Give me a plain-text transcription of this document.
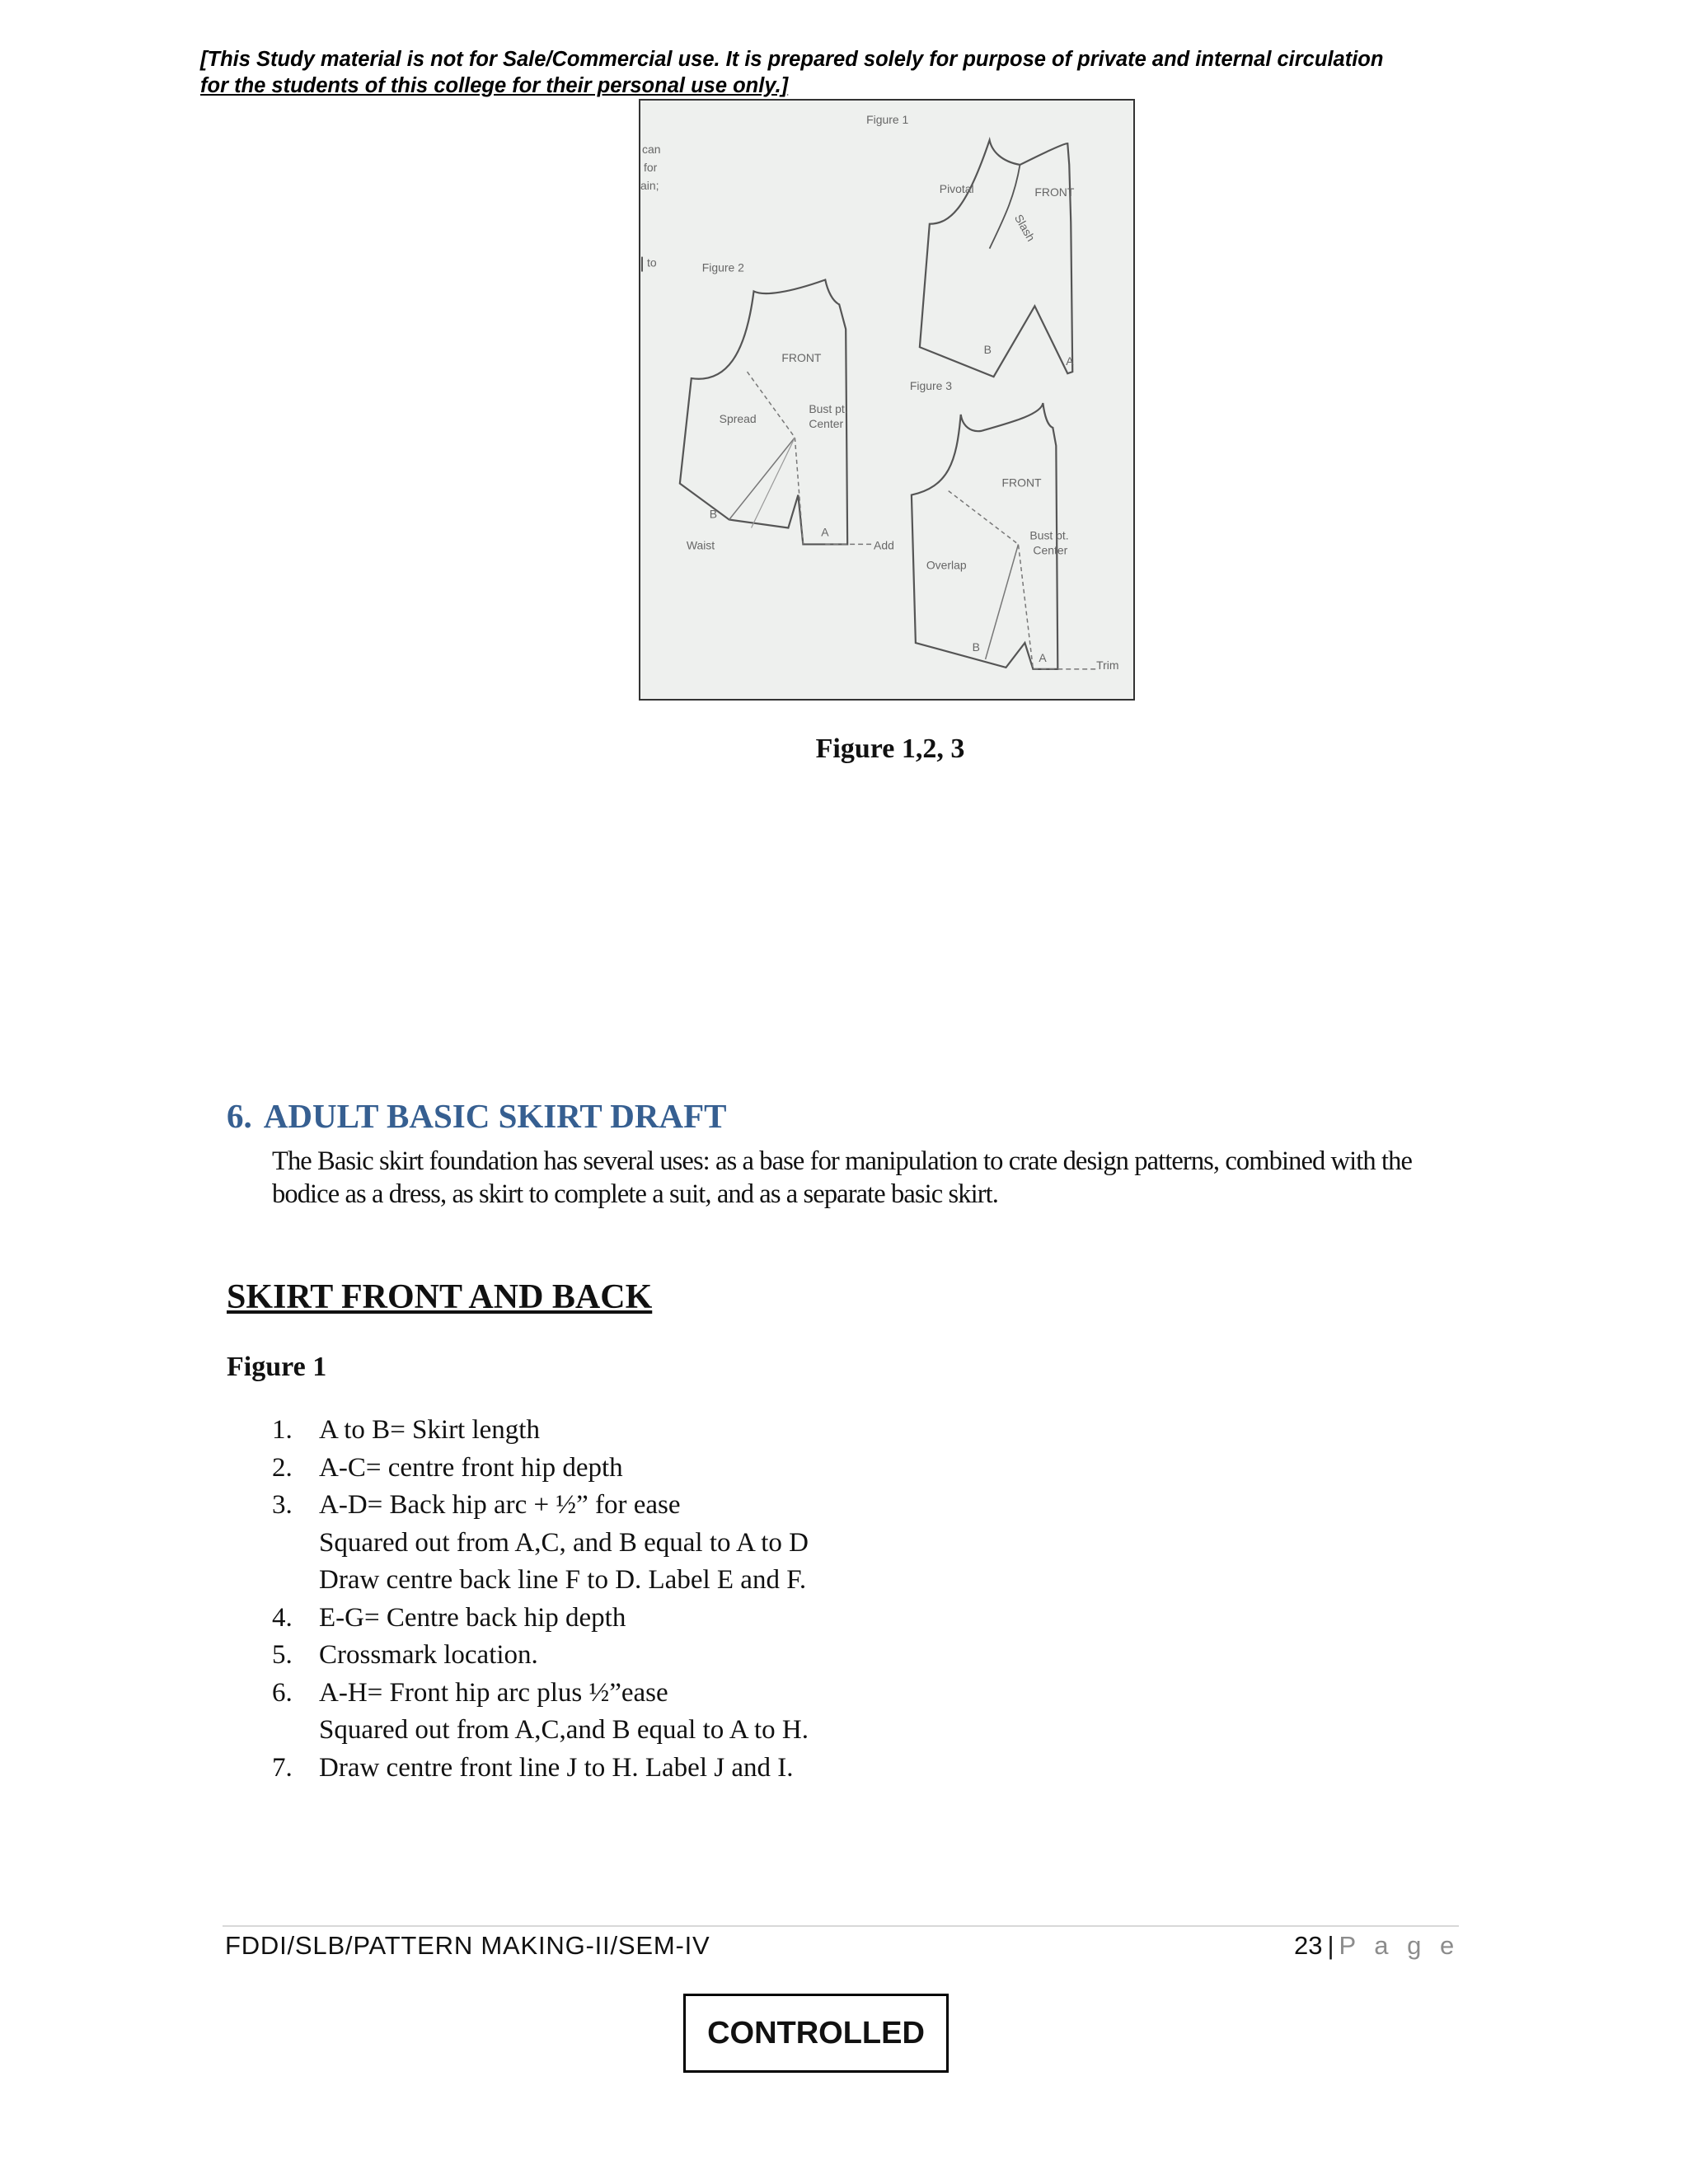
[This Study material is not for Sale/Commercial use. It is prepared solely for purpose of private and internal circulation
for the students of this college for their personal use only.]
can
for
ain;
to
Figure 1
Pivotal	FRONT
Slash
B
A
Figure 2
FRONT
Spread
Bust pt.
Center
Waist
B
A
Add
Figure 3
FRONT
Bust pt.
Center
Overlap
B
A
Trim
Figure 1,2, 3
6. ADULT BASIC SKIRT DRAFT
The Basic skirt foundation has several uses: as a base for manipulation to crate design patterns, combined with the bodice as a dress, as skirt to complete a suit, and as a separate basic skirt.
SKIRT FRONT AND BACK
Figure 1
1. A to B= Skirt length
2. A-C= centre front hip depth
3. A-D= Back hip arc + ½” for ease
Squared out from A,C, and B equal to A to D
Draw centre back line F to D. Label E and F.
4. E-G= Centre back hip depth
5. Crossmark location.
6. A-H= Front hip arc plus ½”ease
Squared out from A,C,and B equal to A to H.
7. Draw centre front line J to H. Label J and I.
FDDI/SLB/PATTERN MAKING-II/SEM-IV	23 | P a g e
CONTROLLED
